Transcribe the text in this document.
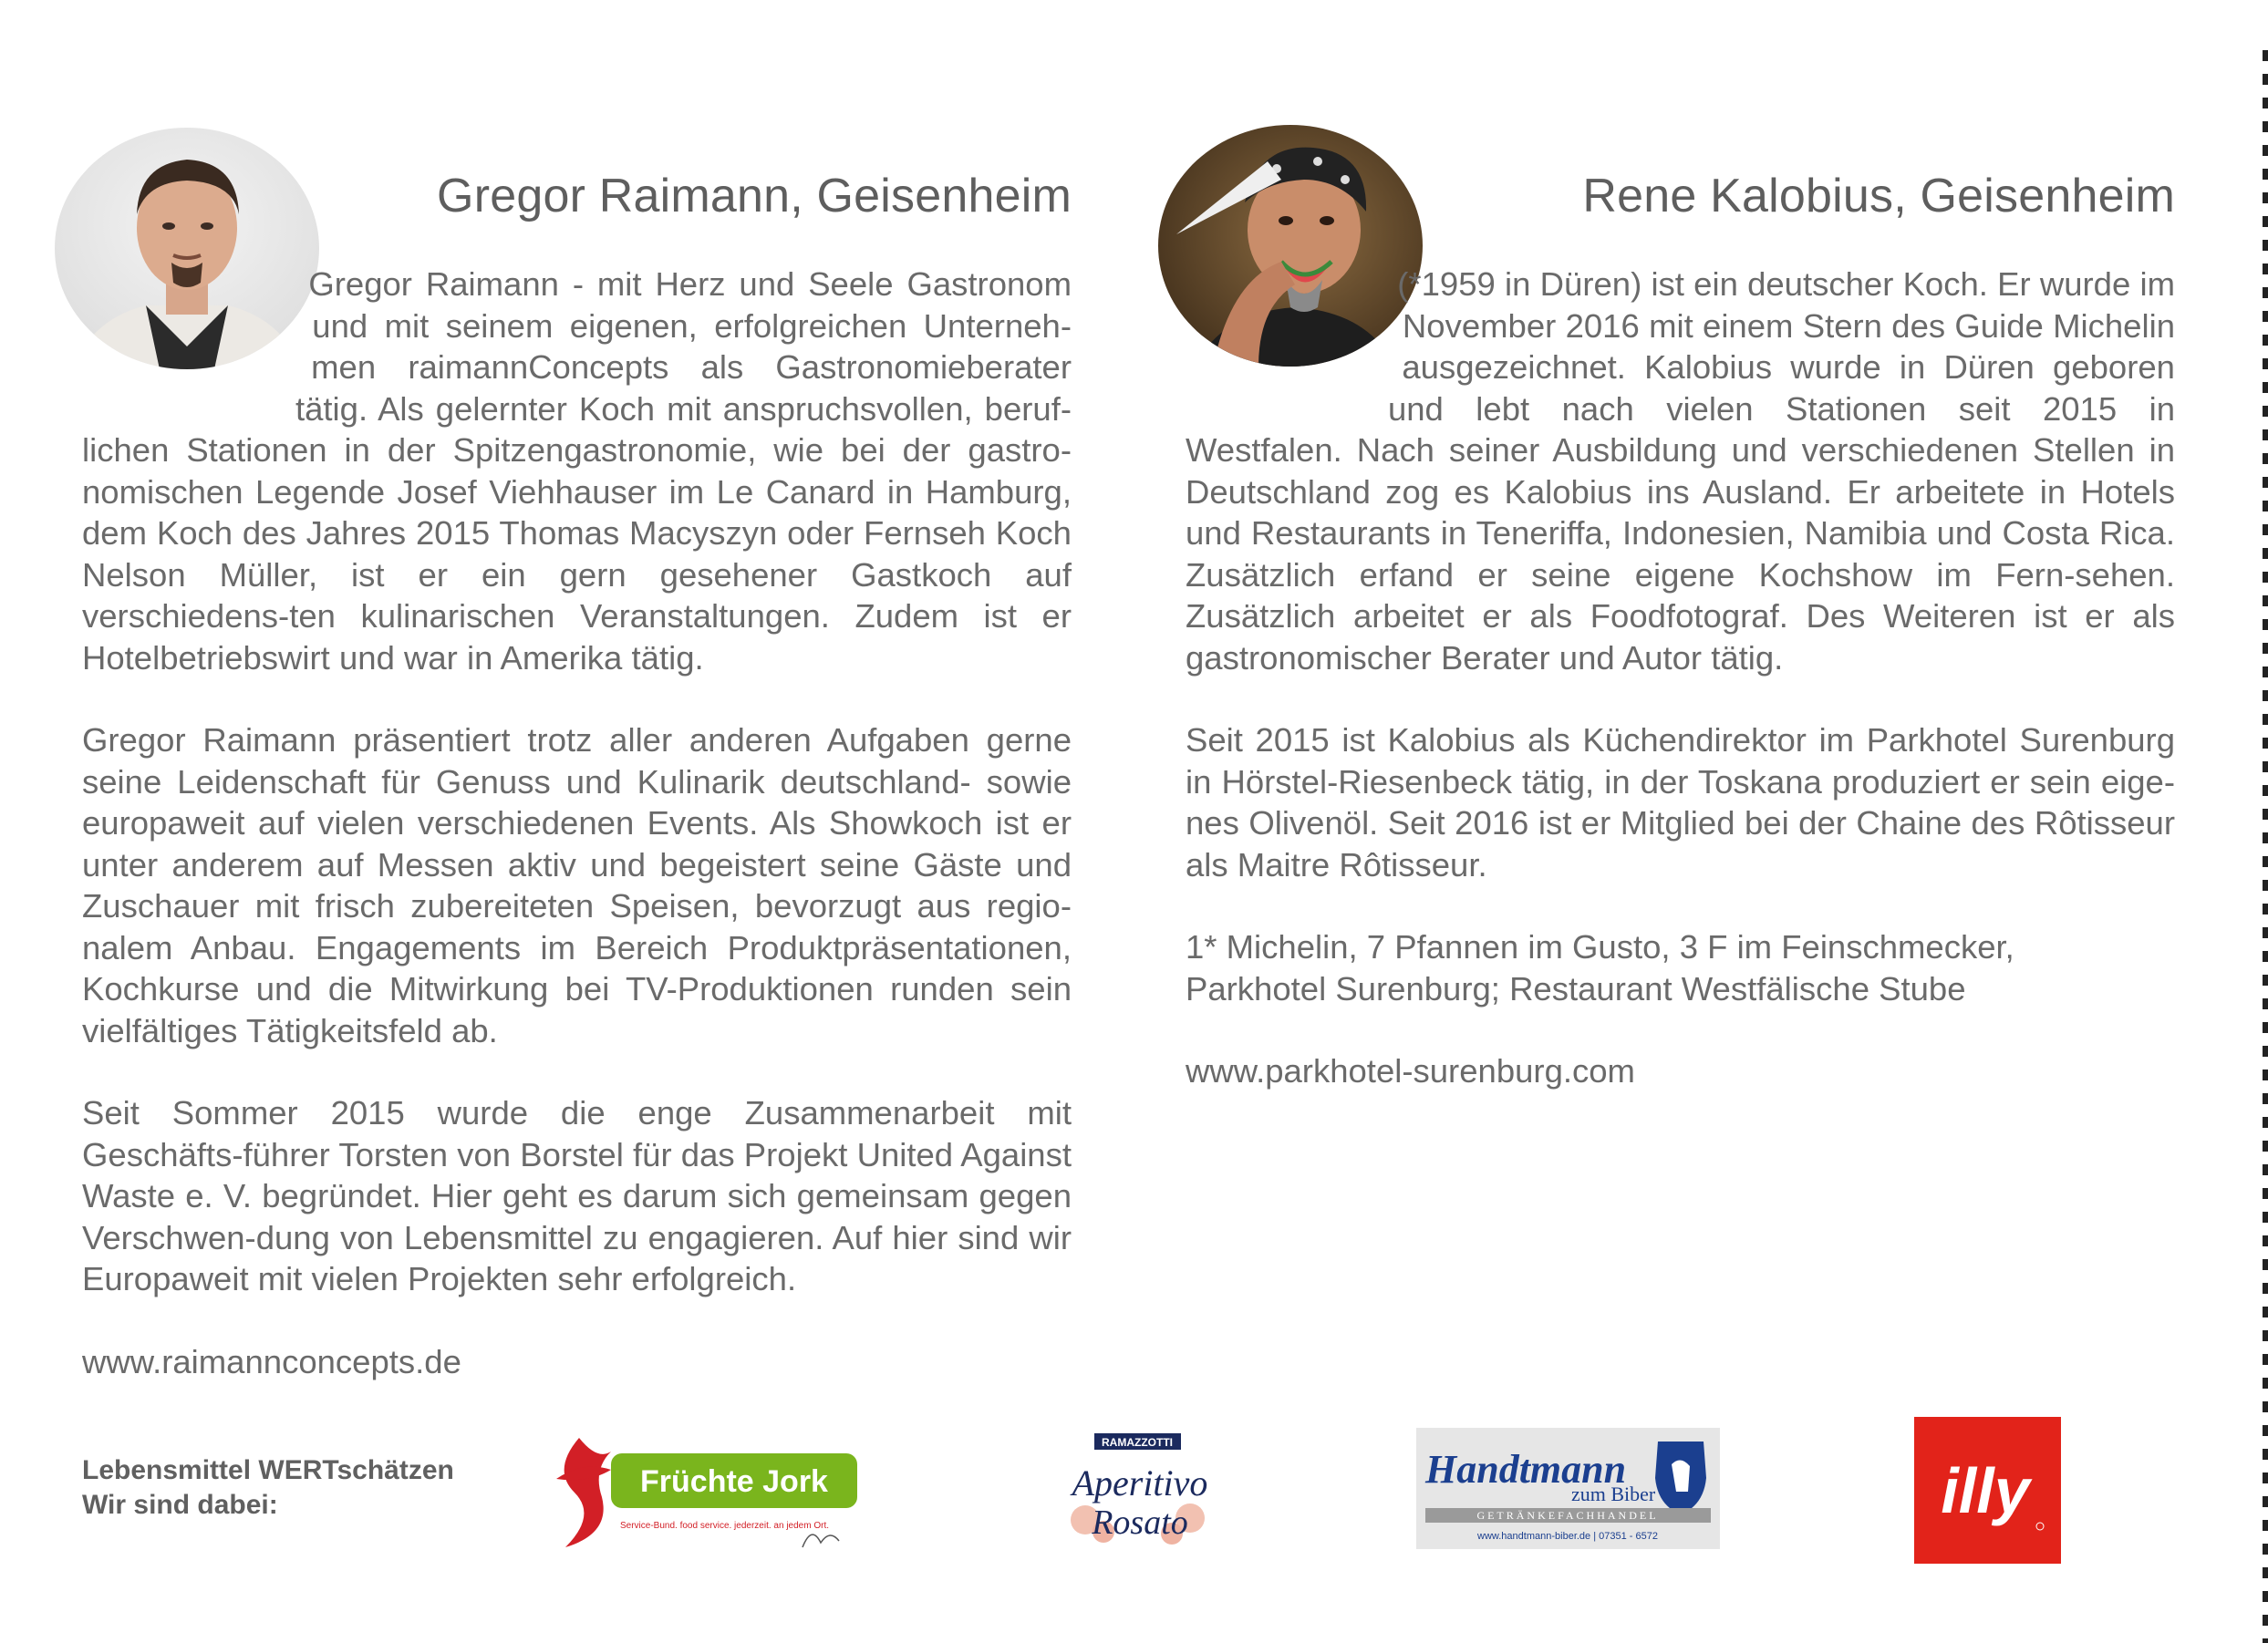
Gregor Raimann, Geisenheim

Gregor Raimann - mit Herz und Seele Gastronom und mit seinem eigenen, erfolgreichen Unterneh-men raimannConcepts als Gastronomieberater tätig. Als gelernter Koch mit anspruchsvollen, beruf-lichen Stationen in der Spitzengastronomie, wie bei der gastro-nomischen Legende Josef Viehhauser im Le Canard in Hamburg, dem Koch des Jahres 2015 Thomas Macyszyn oder Fernseh Koch Nelson Müller, ist er ein gern gesehener Gastkoch auf verschiedens-ten kulinarischen Veranstaltungen. Zudem ist er Hotelbetriebswirt und war in Amerika tätig.

Gregor Raimann präsentiert trotz aller anderen Aufgaben gerne seine Leidenschaft für Genuss und Kulinarik deutschland- sowie europaweit auf vielen verschiedenen Events. Als Showkoch ist er unter anderem auf Messen aktiv und begeistert seine Gäste und Zuschauer mit frisch zubereiteten Speisen, bevorzugt aus regio-nalem Anbau. Engagements im Bereich Produktpräsentationen, Kochkurse und die Mitwirkung bei TV-Produktionen runden sein vielfältiges Tätigkeitsfeld ab.

Seit Sommer 2015 wurde die enge Zusammenarbeit mit Geschäfts-führer Torsten von Borstel für das Projekt United Against Waste e. V. begründet. Hier geht es darum sich gemeinsam gegen Verschwen-dung von Lebensmittel zu engagieren. Auf hier sind wir Europaweit mit vielen Projekten sehr erfolgreich.

www.raimannconcepts.de

Rene Kalobius, Geisenheim

(*1959 in Düren) ist ein deutscher Koch. Er wurde im November 2016 mit einem Stern des Guide Michelin ausgezeichnet. Kalobius wurde in Düren geboren und lebt nach vielen Stationen seit 2015 in Westfalen. Nach seiner Ausbildung und verschiedenen Stellen in Deutschland zog es Kalobius ins Ausland. Er arbeitete in Hotels und Restaurants in Teneriffa, Indonesien, Namibia und Costa Rica. Zusätzlich erfand er seine eigene Kochshow im Fern-sehen. Zusätzlich arbeitet er als Foodfotograf. Des Weiteren ist er als gastronomischer Berater und Autor tätig.

Seit 2015 ist Kalobius als Küchendirektor im Parkhotel Surenburg in Hörstel-Riesenbeck tätig, in der Toskana produziert er sein eige-nes Olivenöl. Seit 2016 ist er Mitglied bei der Chaine des Rôtisseur als Maitre Rôtisseur.

1* Michelin, 7 Pfannen im Gusto, 3 F im Feinschmecker,
Parkhotel Surenburg; Restaurant Westfälische Stube

www.parkhotel-surenburg.com

Lebensmittel WERTschätzen
Wir sind dabei:
Früchte Jork
Service-Bund. food service. jederzeit. an jedem Ort.
RAMAZZOTTI
Aperitivo
Rosato
Handtmann
zum Biber
GETRÄNKEFACHHANDEL
www.handtmann-biber.de | 07351 - 6572
illy
